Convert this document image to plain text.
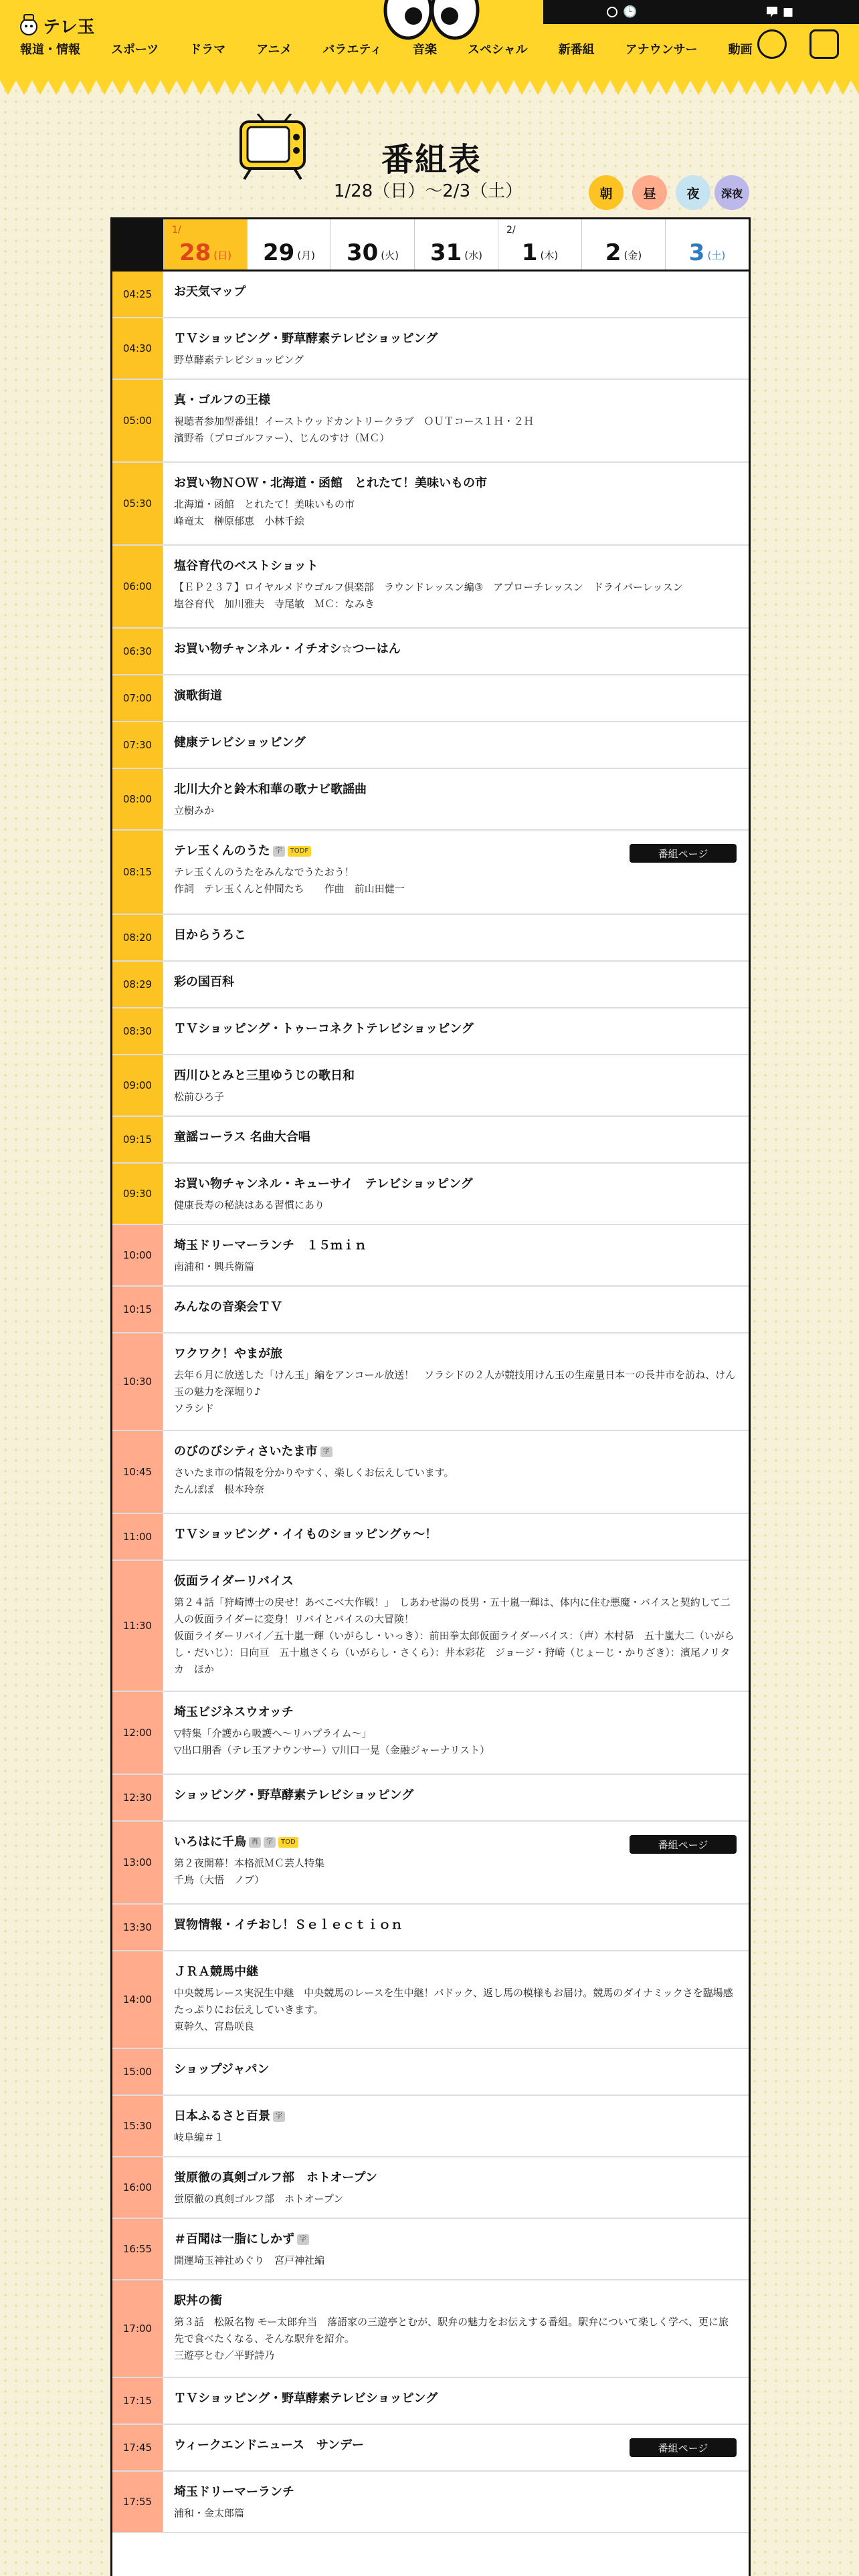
テレ玉
🕒	■
報道・情報	スポーツ	ドラマ	アニメ	バラエティ	音楽	スペシャル	新番組	アナウンサー	動画
番組表
1/28（日）〜2/3（土）	朝	昼	夜	深夜
1/
28 (日) 29 (月) 30 (火) 31 (水)
2/
1 (木) 2 (金) 3 (土)
04:25	お天気マップ
04:30
ＴＶショッピング・野草酵素テレビショッピング
野草酵素テレビショッピング
05:00
真・ゴルフの王様
視聴者参加型番組！イーストウッドカントリークラブ　ＯＵＴコース１Ｈ・２Ｈ
濱野希（プロゴルファー）、じんのすけ（ＭＣ）
05:30
お買い物ＮＯＷ・北海道・函館　とれたて！美味いもの市
北海道・函館　とれたて！美味いもの市
峰竜太　榊原郁恵　小林千絵
06:00
塩谷育代のベストショット
【ＥＰ２３７】ロイヤルメドウゴルフ倶楽部　ラウンドレッスン編③　アプローチレッスン　ドライバーレッスン
塩谷育代　加川雅夫　寺尾敏　ＭＣ：なみき
06:30	お買い物チャンネル・イチオシ☆つーはん
07:00	演歌街道
07:30	健康テレビショッピング
08:00
北川大介と鈴木和華の歌ナビ歌謡曲
立樹みか
08:15
テレ玉くんのうた 字 TODF
テレ玉くんのうたをみんなでうたおう！
作詞　テレ玉くんと仲間たち　　作曲　前山田健一
番組ページ
08:20	目からうろこ
08:29	彩の国百科
08:30	ＴＶショッピング・トゥーコネクトテレビショッピング
09:00
西川ひとみと三里ゆうじの歌日和
松前ひろ子
09:15	童謡コーラス 名曲大合唱
09:30
お買い物チャンネル・キューサイ　テレビショッピング
健康長寿の秘訣はある習慣にあり
10:00
埼玉ドリーマーランチ　１５ｍｉｎ
南浦和・興兵衛篇
10:15	みんなの音楽会ＴＶ
10:30
ワクワク！やまが旅
去年６月に放送した「けん玉」編をアンコール放送！　ソラシドの２人が競技用けん玉の生産量日本一の長井市を訪ね、けん玉の魅力を深堀り♪
ソラシド
10:45
のびのびシティさいたま市 字
さいたま市の情報を分かりやすく、楽しくお伝えしています。
たんぽぽ　根本玲奈
11:00	ＴＶショッピング・イイものショッピングゥ〜！
11:30
仮面ライダーリバイス
第２４話「狩崎博士の戻せ！あべこべ大作戦！」　しあわせ湯の長男・五十嵐一輝は、体内に住む悪魔・バイスと契約して二人の仮面ライダーに変身！リバイとバイスの大冒険！
仮面ライダーリバイ／五十嵐一輝（いがらし・いっき）：前田拳太郎仮面ライダーバイス：（声）木村昴　五十嵐大二（いがらし・だいじ）：日向亘　五十嵐さくら（いがらし・さくら）：井本彩花　ジョージ・狩崎（じょーじ・かりざき）：濱尾ノリタカ　ほか
12:00
埼玉ビジネスウオッチ
▽特集「介護から吸護へ〜リハプライム〜」
▽出口朋香（テレ玉アナウンサー）▽川口一晃（金融ジャーナリスト）
12:30	ショッピング・野草酵素テレビショッピング
13:00
いろはに千鳥 再 字 TOD
第２夜開幕！本格派ＭＣ芸人特集
千鳥（大悟　ノブ）
番組ページ
13:30	買物情報・イチおし！Ｓｅｌｅｃｔｉｏｎ
14:00
ＪＲＡ競馬中継
中央競馬レース実況生中継　中央競馬のレースを生中継！パドック、返し馬の模様もお届け。競馬のダイナミックさを臨場感たっぷりにお伝えしていきます。
東幹久、宮島咲良
15:00	ショップジャパン
15:30
日本ふるさと百景 字
岐阜編＃１
16:00
蛍原徹の真剣ゴルフ部　ホトオープン
蛍原徹の真剣ゴルフ部　ホトオープン
16:55
＃百聞は一脂にしかず 字
開運埼玉神社めぐり　宮戸神社編
17:00
駅丼の衝
第３話　松阪名物 モー太郎弁当　落語家の三遊亭とむが、駅弁の魅力をお伝えする番組。駅弁について楽しく学べ、更に旅先で食べたくなる、そんな駅弁を紹介。
三遊亭とむ／平野詩乃
17:15	ＴＶショッピング・野草酵素テレビショッピング
17:45	ウィークエンドニュース　サンデー	番組ページ
17:55
埼玉ドリーマーランチ
浦和・金太郎篇
